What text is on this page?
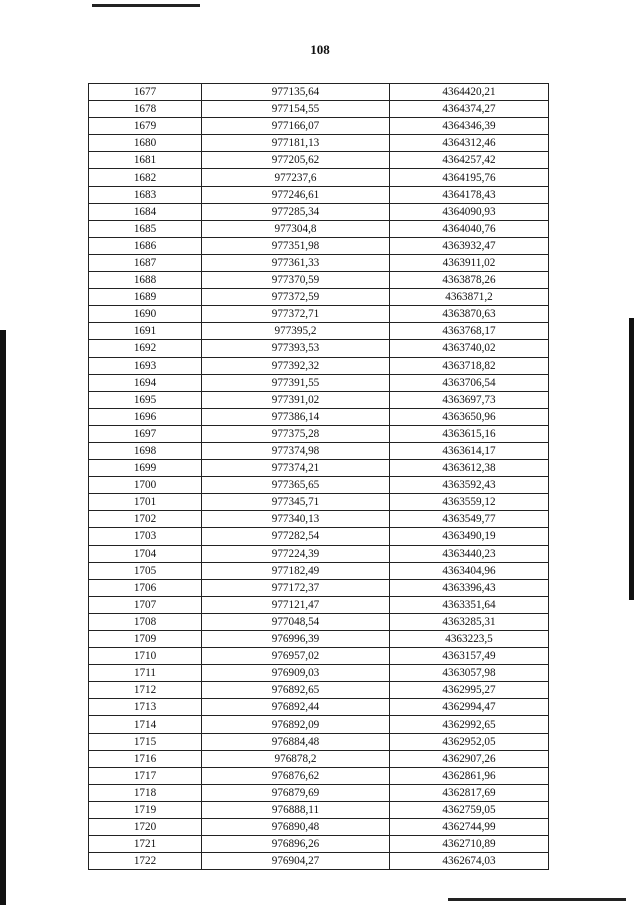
108
1677	977135,64	4364420,21
1678	977154,55	4364374,27
1679	977166,07	4364346,39
1680	977181,13	4364312,46
1681	977205,62	4364257,42
1682	977237,6	4364195,76
1683	977246,61	4364178,43
1684	977285,34	4364090,93
1685	977304,8	4364040,76
1686	977351,98	4363932,47
1687	977361,33	4363911,02
1688	977370,59	4363878,26
1689	977372,59	4363871,2
1690	977372,71	4363870,63
1691	977395,2	4363768,17
1692	977393,53	4363740,02
1693	977392,32	4363718,82
1694	977391,55	4363706,54
1695	977391,02	4363697,73
1696	977386,14	4363650,96
1697	977375,28	4363615,16
1698	977374,98	4363614,17
1699	977374,21	4363612,38
1700	977365,65	4363592,43
1701	977345,71	4363559,12
1702	977340,13	4363549,77
1703	977282,54	4363490,19
1704	977224,39	4363440,23
1705	977182,49	4363404,96
1706	977172,37	4363396,43
1707	977121,47	4363351,64
1708	977048,54	4363285,31
1709	976996,39	4363223,5
1710	976957,02	4363157,49
1711	976909,03	4363057,98
1712	976892,65	4362995,27
1713	976892,44	4362994,47
1714	976892,09	4362992,65
1715	976884,48	4362952,05
1716	976878,2	4362907,26
1717	976876,62	4362861,96
1718	976879,69	4362817,69
1719	976888,11	4362759,05
1720	976890,48	4362744,99
1721	976896,26	4362710,89
1722	976904,27	4362674,03
